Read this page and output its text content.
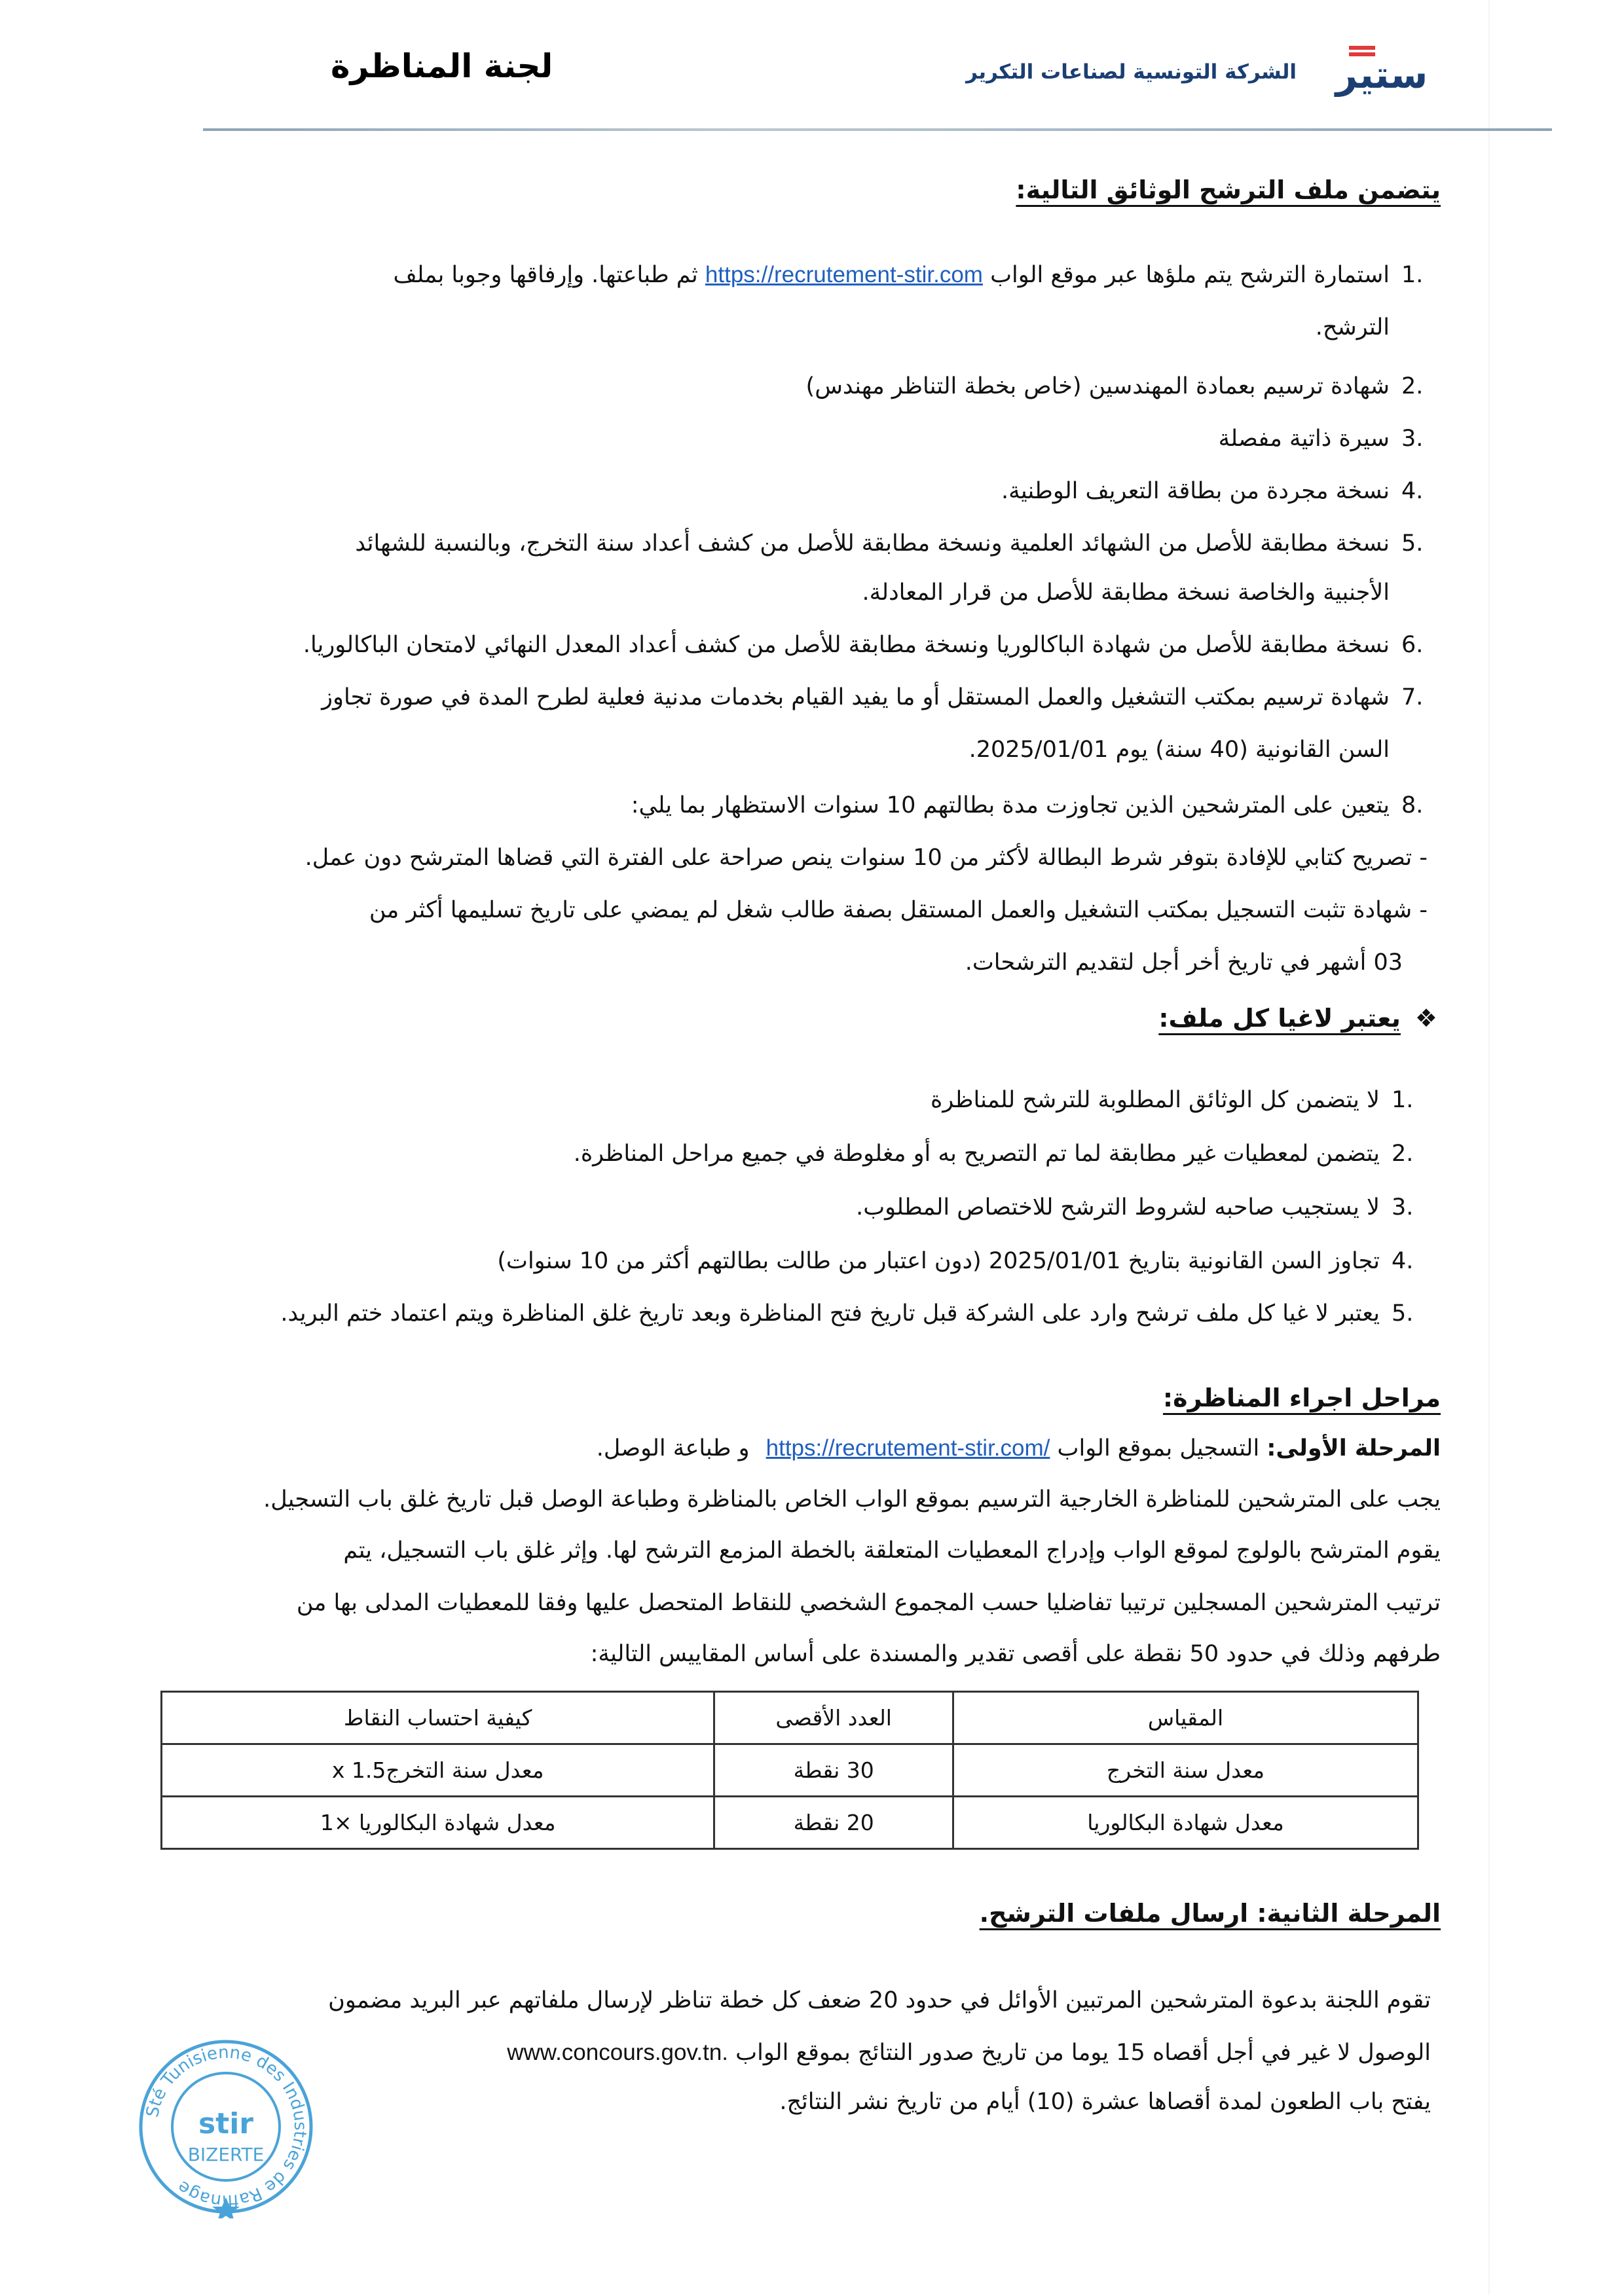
ستير
الشركة التونسية لصناعات التكرير
لجنة المناظرة
يتضمن ملف الترشح الوثائق التالية:
1.استمارة الترشح يتم ملؤها عبر موقع الواب https://recrutement-stir.com ثم طباعتها. وإرفاقها وجوبا بملف
الترشح.
2.شهادة ترسيم بعمادة المهندسين (خاص بخطة التناظر مهندس)
3.سيرة ذاتية مفصلة
4.نسخة مجردة من بطاقة التعريف الوطنية.
5.نسخة مطابقة للأصل من الشهائد العلمية ونسخة مطابقة للأصل من كشف أعداد سنة التخرج، وبالنسبة للشهائد
الأجنبية والخاصة نسخة مطابقة للأصل من قرار المعادلة.
6.نسخة مطابقة للأصل من شهادة الباكالوريا ونسخة مطابقة للأصل من كشف أعداد المعدل النهائي لامتحان الباكالوريا.
7.شهادة ترسيم بمكتب التشغيل والعمل المستقل أو ما يفيد القيام بخدمات مدنية فعلية لطرح المدة في صورة تجاوز
السن القانونية (40 سنة) يوم 2025/01/01.
8.يتعين على المترشحين الذين تجاوزت مدة بطالتهم 10 سنوات الاستظهار بما يلي:
- تصريح كتابي للإفادة بتوفر شرط البطالة لأكثر من 10 سنوات ينص صراحة على الفترة التي قضاها المترشح دون عمل.
- شهادة تثبت التسجيل بمكتب التشغيل والعمل المستقل بصفة طالب شغل لم يمضي على تاريخ تسليمها أكثر من
03 أشهر في تاريخ أخر أجل لتقديم الترشحات.
❖يعتبر لاغيا كل ملف:
1.لا يتضمن كل الوثائق المطلوبة للترشح للمناظرة
2.يتضمن لمعطيات غير مطابقة لما تم التصريح به أو مغلوطة في جميع مراحل المناظرة.
3.لا يستجيب صاحبه لشروط الترشح للاختصاص المطلوب.
4.تجاوز السن القانونية بتاريخ 2025/01/01 (دون اعتبار من طالت بطالتهم أكثر من 10 سنوات)
5.يعتبر لا غيا كل ملف ترشح وارد على الشركة قبل تاريخ فتح المناظرة وبعد تاريخ غلق المناظرة ويتم اعتماد ختم البريد.
مراحل اجراء المناظرة:
المرحلة الأولى: التسجيل بموقع الواب https://recrutement-stir.com/ و طباعة الوصل.
يجب على المترشحين للمناظرة الخارجية الترسيم بموقع الواب الخاص بالمناظرة وطباعة الوصل قبل تاريخ غلق باب التسجيل.
يقوم المترشح بالولوج لموقع الواب وإدراج المعطيات المتعلقة بالخطة المزمع الترشح لها. وإثر غلق باب التسجيل، يتم
ترتيب المترشحين المسجلين ترتيبا تفاضليا حسب المجموع الشخصي للنقاط المتحصل عليها وفقا للمعطيات المدلى بها من
طرفهم وذلك في حدود 50 نقطة على أقصى تقدير والمسندة على أساس المقاييس التالية:
المقياس	العدد الأقصى	كيفية احتساب النقاط
معدل سنة التخرج	30 نقطة	معدل سنة التخرجx 1.5
معدل شهادة البكالوريا	20 نقطة	معدل شهادة البكالوريا ×1
المرحلة الثانية: ارسال ملفات الترشح.
تقوم اللجنة بدعوة المترشحين المرتبين الأوائل في حدود 20 ضعف كل خطة تناظر لإرسال ملفاتهم عبر البريد مضمون
الوصول لا غير في أجل أقصاه 15 يوما من تاريخ صدور النتائج بموقع الواب www.concours.gov.tn.
يفتح باب الطعون لمدة أقصاها عشرة (10) أيام من تاريخ نشر النتائج.
Sté Tunisienne des Industries de Raffinage
stir
BIZERTE
